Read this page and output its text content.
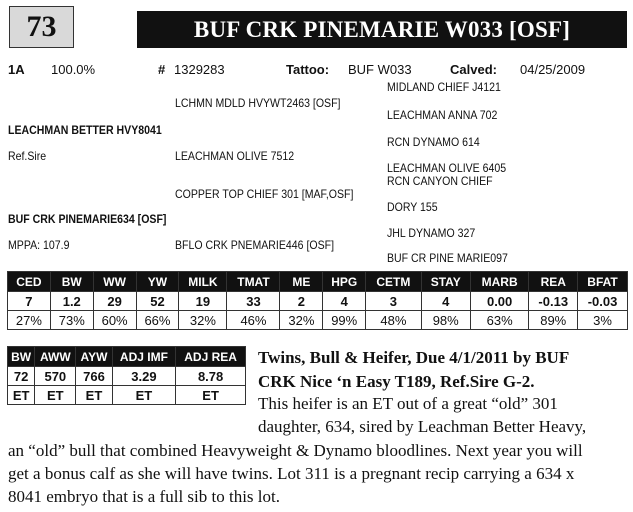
73	BUF CRK PINEMARIE W033 [OSF]
1A 100.0%	# 1329283	Tattoo: BUF W033	Calved: 04/25/2009
MIDLAND CHIEF J4121
LCHMN MDLD HVYWT2463 [OSF]
LEACHMAN ANNA 702
LEACHMAN BETTER HVY8041
RCN DYNAMO 614
Ref.Sire	LEACHMAN OLIVE 7512
LEACHMAN OLIVE 6405
RCN CANYON CHIEF
COPPER TOP CHIEF 301 [MAF,OSF]
DORY 155
BUF CRK PINEMARIE634 [OSF]
JHL DYNAMO 327
MPPA: 107.9	BFLO CRK PNEMARIE446 [OSF]
BUF CR PINE MARIE097
CED	BW	WW	YW	MILK	TMAT	ME	HPG	CETM	STAY	MARB	REA	BFAT
7	1.2	29	52	19	33	2	4	3	4	0.00	-0.13	-0.03
27%	73%	60%	66%	32%	46%	32%	99%	48%	98%	63%	89%	3%
BW	AWW	AYW	ADJ IMF	ADJ REA
72	570	766	3.29	8.78
ET	ET	ET	ET	ET
Twins, Bull & Heifer, Due 4/1/2011 by BUF
CRK Nice ‘n Easy T189, Ref.Sire G-2.
This heifer is an ET out of a great “old” 301
daughter, 634, sired by Leachman Better Heavy,
an “old” bull that combined Heavyweight & Dynamo bloodlines. Next year you will
get a bonus calf as she will have twins. Lot 311 is a pregnant recip carrying a 634 x
8041 embryo that is a full sib to this lot.
